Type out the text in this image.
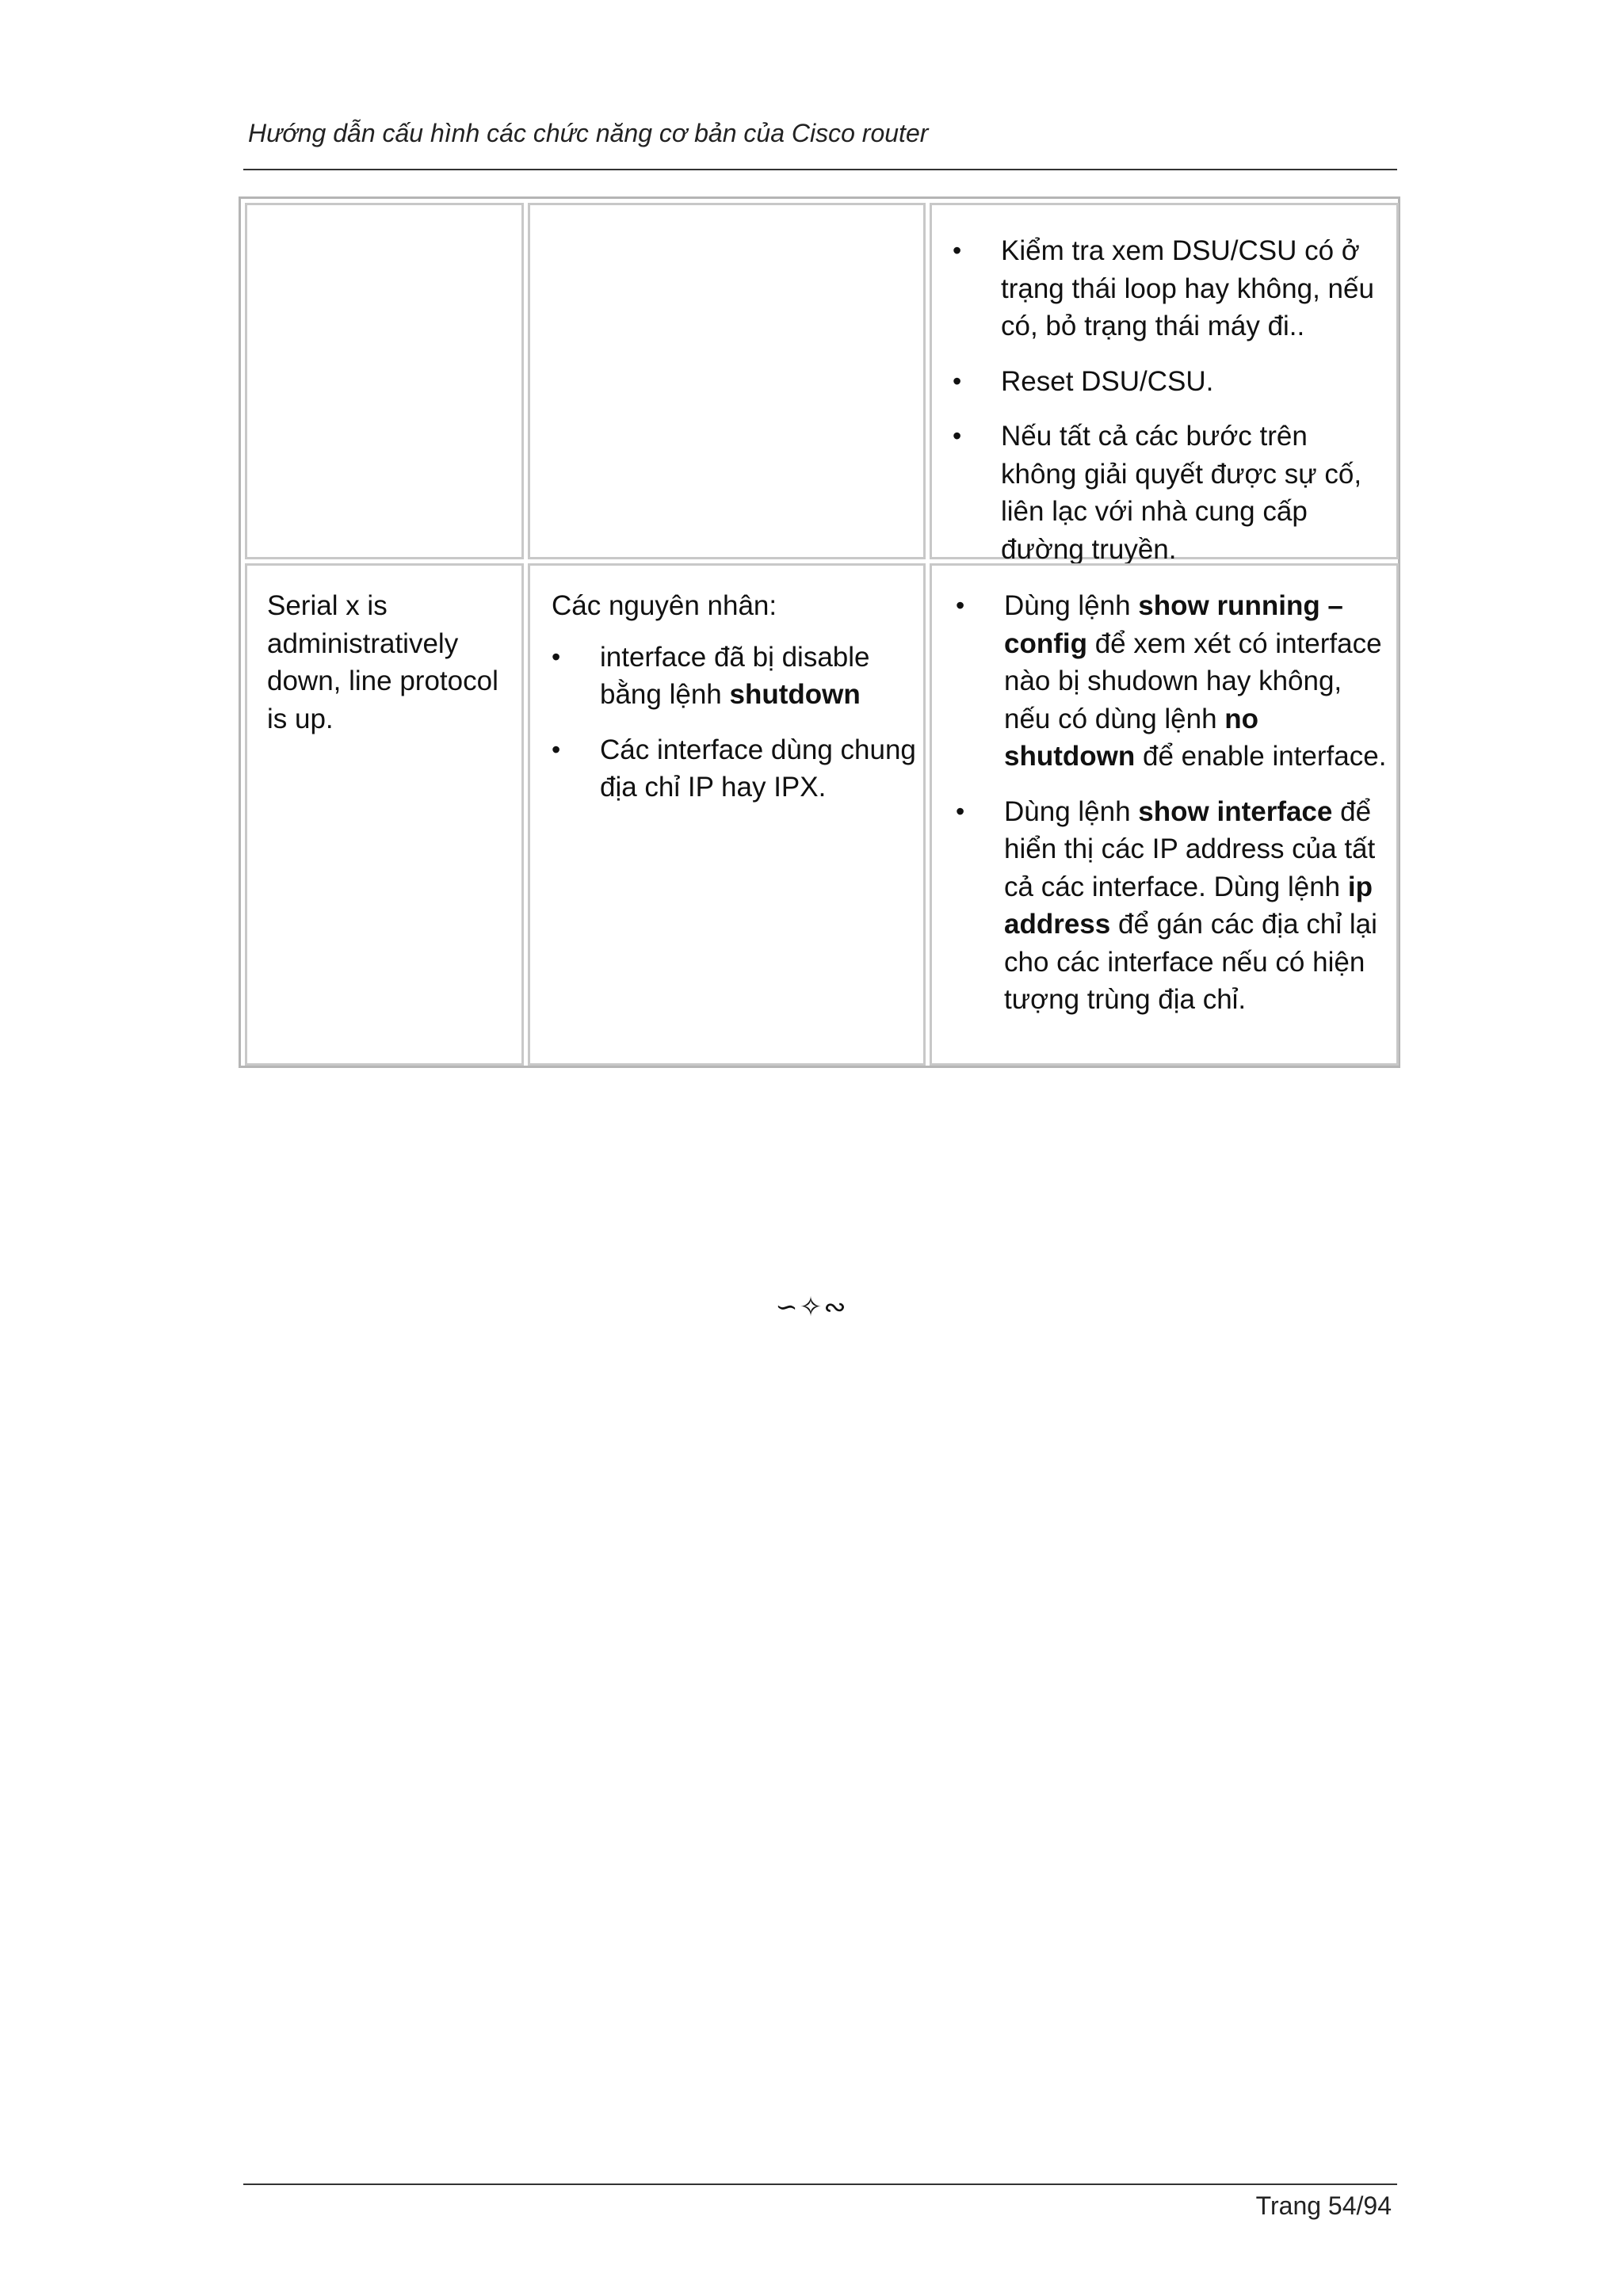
Hướng dẫn cấu hình các chức năng cơ bản của Cisco router
• Kiểm tra xem DSU/CSU có ở trạng thái loop hay không, nếu có, bỏ trạng thái máy đi..
• Reset DSU/CSU.
• Nếu tất cả các bước trên không giải quyết được sự cố, liên lạc với nhà cung cấp đường truyền.
Serial x is administratively down, line protocol is up.
Các nguyên nhân:
• interface đã bị disable bằng lệnh shutdown
• Các interface dùng chung địa chỉ IP hay IPX.
• Dùng lệnh show running –config để xem xét có interface nào bị shudown hay không, nếu có dùng lệnh no shutdown để enable interface.
• Dùng lệnh show interface để hiển thị các IP address của tất cả các interface. Dùng lệnh ip address để gán các địa chỉ lại cho các interface nếu có hiện tượng trùng địa chỉ.
∽✧∾
Trang 54/94
